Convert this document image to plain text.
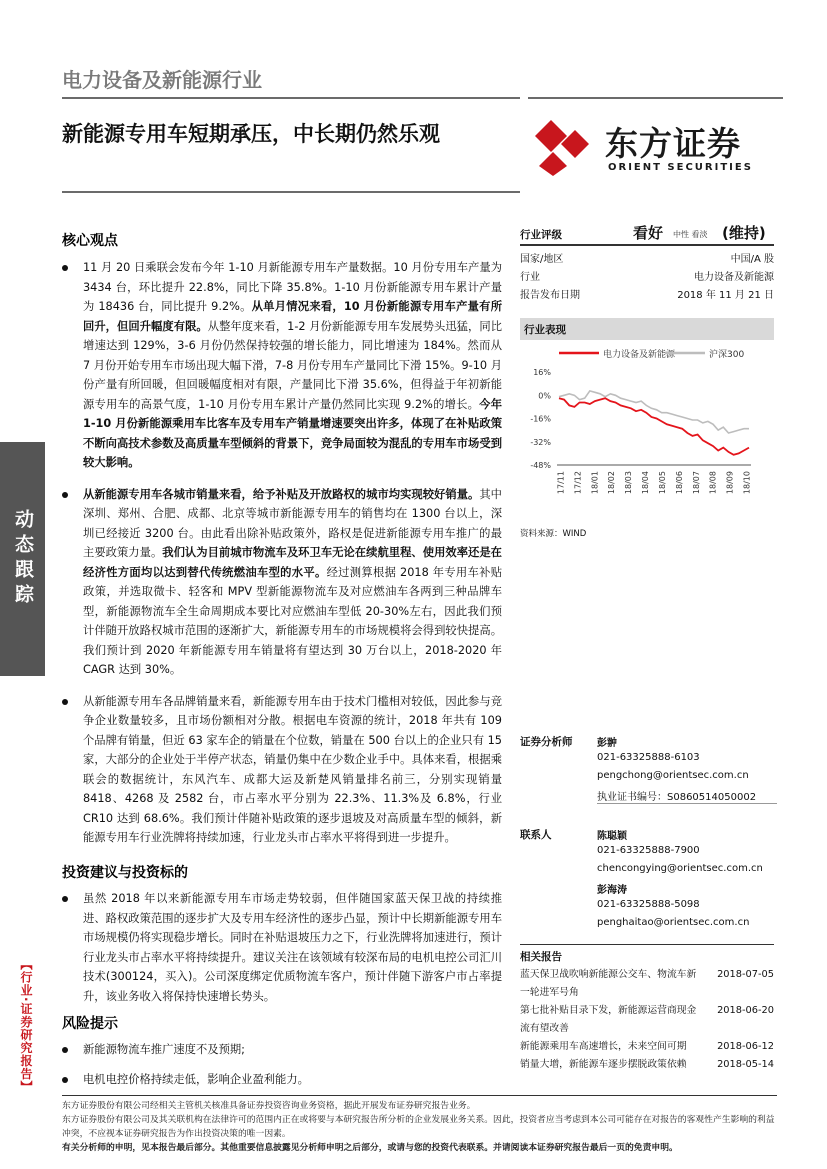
电力设备及新能源行业
新能源专用车短期承压，中长期仍然乐观	东方证券
ORIENT SECURITIES
动态跟踪
【行业·证券研究报告】
核心观点
11 月 20 日乘联会发布今年 1-10 月新能源专用车产量数据。10 月份专用车产量为 3434 台，环比提升 22.8%，同比下降 35.8%。1-10 月份新能源专用车累计产量为 18436 台，同比提升 9.2%。从单月情况来看，10 月份新能源专用车产量有所回升，但回升幅度有限。从整年度来看，1-2 月份新能源专用车发展势头迅猛，同比增速达到 129%，3-6 月份仍然保持较强的增长能力，同比增速为 184%。然而从 7 月份开始专用车市场出现大幅下滑，7-8 月份专用车产量同比下滑 15%。9-10 月份产量有所回暖，但回暖幅度相对有限，产量同比下滑 35.6%，但得益于年初新能源专用车的高景气度，1-10 月份专用车累计产量仍然同比实现 9.2%的增长。今年 1-10 月份新能源乘用车比客车及专用车产销量增速要突出许多，体现了在补贴政策不断向高技术参数及高质量车型倾斜的背景下，竞争局面较为混乱的专用车市场受到较大影响。
从新能源专用车各城市销量来看，给予补贴及开放路权的城市均实现较好销量。其中深圳、郑州、合肥、成都、北京等城市新能源专用车的销售均在 1300 台以上，深圳已经接近 3200 台。由此看出除补贴政策外，路权是促进新能源专用车推广的最主要政策力量。我们认为目前城市物流车及环卫车无论在续航里程、使用效率还是在经济性方面均以达到替代传统燃油车型的水平。经过测算根据 2018 年专用车补贴政策，并选取微卡、轻客和 MPV 型新能源物流车及对应燃油车各两到三种品牌车型，新能源物流车全生命周期成本要比对应燃油车型低 20-30%左右，因此我们预计伴随开放路权城市范围的逐渐扩大，新能源专用车的市场规模将会得到较快提高。我们预计到 2020 年新能源专用车销量将有望达到 30 万台以上，2018-2020 年 CAGR 达到 30%。
从新能源专用车各品牌销量来看，新能源专用车由于技术门槛相对较低，因此参与竞争企业数量较多，且市场份额相对分散。根据电车资源的统计，2018 年共有 109 个品牌有销量，但近 63 家车企的销量在个位数，销量在 500 台以上的企业只有 15 家，大部分的企业处于半停产状态，销量仍集中在少数企业手中。具体来看，根据乘联会的数据统计，东风汽车、成都大运及新楚风销量排名前三，分别实现销量 8418、4268 及 2582 台，市占率水平分别为 22.3%、11.3%及 6.8%，行业 CR10 达到 68.6%。我们预计伴随补贴政策的逐步退坡及对高质量车型的倾斜，新能源专用车行业洗牌将持续加速，行业龙头市占率水平将得到进一步提升。
投资建议与投资标的
虽然 2018 年以来新能源专用车市场走势较弱，但伴随国家蓝天保卫战的持续推进、路权政策范围的逐步扩大及专用车经济性的逐步凸显，预计中长期新能源专用车市场规模仍将实现稳步增长。同时在补贴退坡压力之下，行业洗牌将加速进行，预计行业龙头市占率水平将持续提升。建议关注在该领域有较深布局的电机电控公司汇川技术(300124，买入)。公司深度绑定优质物流车客户，预计伴随下游客户市占率提升，该业务收入将保持快速增长势头。
风险提示
新能源物流车推广速度不及预期;
电机电控价格持续走低，影响企业盈利能力。
行业评级	看好 中性 看淡 (维持)
国家/地区	中国/A 股
行业	电力设备及新能源
报告发布日期	2018 年 11 月 21 日
行业表现
电力设备及新能源	沪深300
16%
0%
-16%
-32%
-48%
17/11 17/12 18/01 18/02 18/03 18/04 18/05 18/06 18/07 18/08 18/09 18/10
资料来源：WIND
证券分析师 彭翀
021-63325888-6103
pengchong@orientsec.com.cn
执业证书编号：S0860514050002
联系人	陈聪颖
021-63325888-7900
chencongying@orientsec.com.cn
彭海涛
021-63325888-5098
penghaitao@orientsec.com.cn
相关报告
蓝天保卫战吹响新能源公交车、物流车新一轮进军号角
2018-07-05
第七批补贴目录下发，新能源运营商现金流有望改善
2018-06-20
新能源乘用车高速增长，未来空间可期	2018-06-12
销量大增，新能源车逐步摆脱政策依赖	2018-05-14
东方证券股份有限公司经相关主管机关核准具备证券投资咨询业务资格，据此开展发布证券研究报告业务。
东方证券股份有限公司及其关联机构在法律许可的范围内正在或将要与本研究报告所分析的企业发展业务关系。因此，投资者应当考虑到本公司可能存在对报告的客观性产生影响的利益冲突，不应视本证券研究报告为作出投资决策的唯一因素。
有关分析师的申明，见本报告最后部分。其他重要信息披露见分析师申明之后部分，或请与您的投资代表联系。并请阅读本证券研究报告最后一页的免责申明。
